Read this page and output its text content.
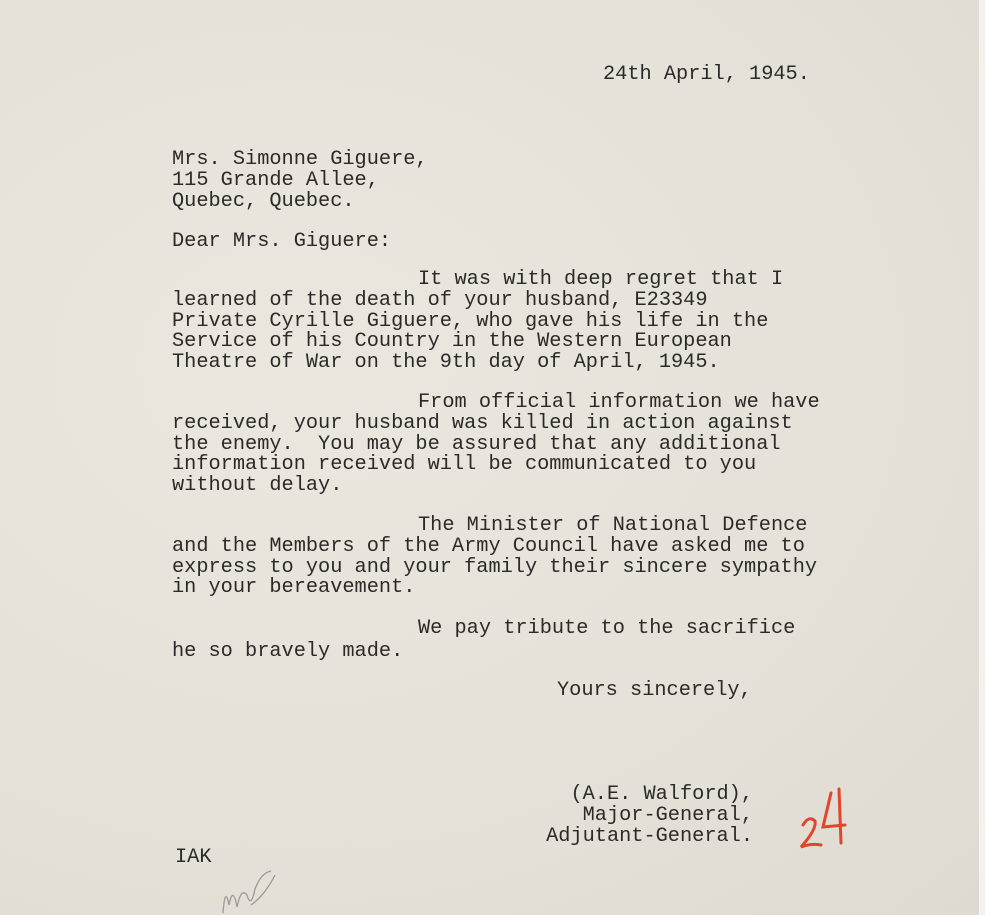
24th April, 1945.
Mrs. Simonne Giguere,
115 Grande Allee,
Quebec, Quebec.
Dear Mrs. Giguere:
It was with deep regret that I
learned of the death of your husband, E23349
Private Cyrille Giguere, who gave his life in the
Service of his Country in the Western European
Theatre of War on the 9th day of April, 1945.
From official information we have
received, your husband was killed in action against
the enemy.  You may be assured that any additional
information received will be communicated to you
without delay.
The Minister of National Defence
and the Members of the Army Council have asked me to
express to you and your family their sincere sympathy
in your bereavement.
We pay tribute to the sacrifice
he so bravely made.
Yours sincerely,
(A.E. Walford),
Major-General,
Adjutant-General.
IAK
